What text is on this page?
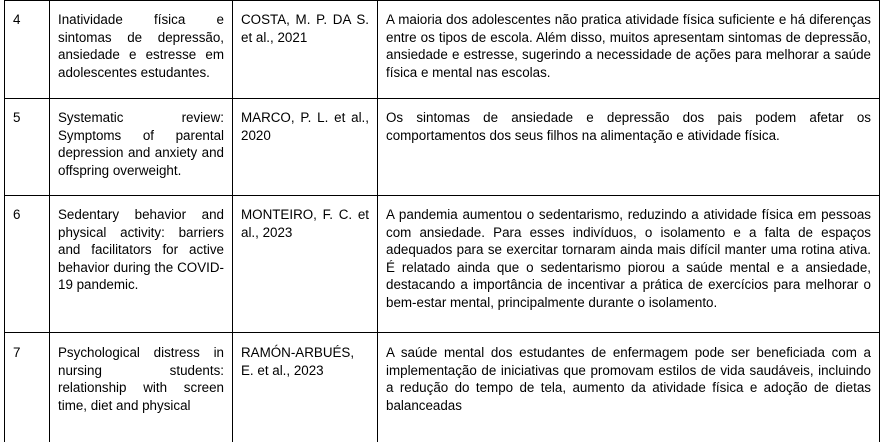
4	Inatividade física e sintomas de depressão, ansiedade e estresse em adolescentes estudantes.	COSTA, M. P. DA S. et al., 2021	A maioria dos adolescentes não pratica atividade física suficiente e há diferenças entre os tipos de escola. Além disso, muitos apresentam sintomas de depressão, ansiedade e estresse, sugerindo a necessidade de ações para melhorar a saúde física e mental nas escolas.
5	Systematic review: Symptoms of parental depression and anxiety and offspring overweight.	MARCO, P. L. et al., 2020	Os sintomas de ansiedade e depressão dos pais podem afetar os comportamentos dos seus filhos na alimentação e atividade física.
6	Sedentary behavior and physical activity: barriers and facilitators for active behavior during the COVID-19 pandemic.	MONTEIRO, F. C. et al., 2023	A pandemia aumentou o sedentarismo, reduzindo a atividade física em pessoas com ansiedade. Para esses indivíduos, o isolamento e a falta de espaços adequados para se exercitar tornaram ainda mais difícil manter uma rotina ativa. É relatado ainda que o sedentarismo piorou a saúde mental e a ansiedade, destacando a importância de incentivar a prática de exercícios para melhorar o bem-estar mental, principalmente durante o isolamento.
7	Psychological distress in nursing students: relationship with screen time, diet and physical	RAMÓN-ARBUÉS, E. et al., 2023	A saúde mental dos estudantes de enfermagem pode ser beneficiada com a implementação de iniciativas que promovam estilos de vida saudáveis, incluindo a redução do tempo de tela, aumento da atividade física e adoção de dietas balanceadas
